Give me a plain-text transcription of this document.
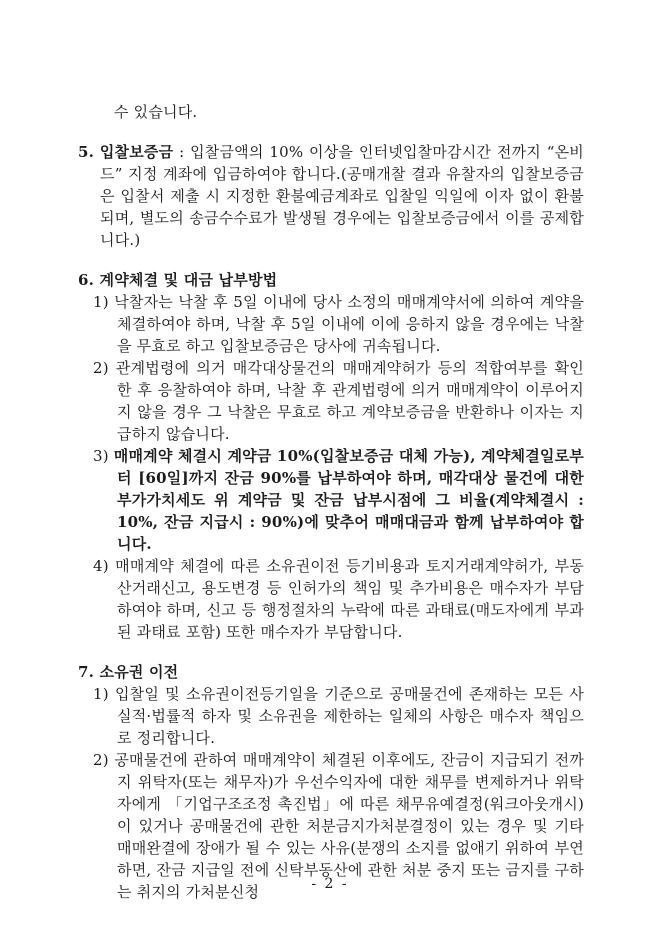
수 있습니다.

5. 입찰보증금 : 입찰금액의 10% 이상을 인터넷입찰마감시간 전까지 “온비드” 지정 계좌에 입금하여야 합니다.(공매개찰 결과 유찰자의 입찰보증금은 입찰서 제출 시 지정한 환불예금계좌로 입찰일 익일에 이자 없이 환불되며, 별도의 송금수수료가 발생될 경우에는 입찰보증금에서 이를 공제합니다.)

6. 계약체결 및 대금 납부방법

1) 낙찰자는 낙찰 후 5일 이내에 당사 소정의 매매계약서에 의하여 계약을 체결하여야 하며, 낙찰 후 5일 이내에 이에 응하지 않을 경우에는 낙찰을 무효로 하고 입찰보증금은 당사에 귀속됩니다.

2) 관계법령에 의거 매각대상물건의 매매계약허가 등의 적합여부를 확인한 후 응찰하여야 하며, 낙찰 후 관계법령에 의거 매매계약이 이루어지지 않을 경우 그 낙찰은 무효로 하고 계약보증금을 반환하나 이자는 지급하지 않습니다.

3) 매매계약 체결시 계약금 10%(입찰보증금 대체 가능), 계약체결일로부터 [60일]까지 잔금 90%를 납부하여야 하며, 매각대상 물건에 대한 부가가치세도 위 계약금 및 잔금 납부시점에 그 비율(계약체결시 : 10%, 잔금 지급시 : 90%)에 맞추어 매매대금과 함께 납부하여야 합니다.

4) 매매계약 체결에 따른 소유권이전 등기비용과 토지거래계약허가, 부동산거래신고, 용도변경 등 인허가의 책임 및 추가비용은 매수자가 부담하여야 하며, 신고 등 행정절차의 누락에 따른 과태료(매도자에게 부과된 과태료 포함) 또한 매수자가 부담합니다.

7. 소유권 이전

1) 입찰일 및 소유권이전등기일을 기준으로 공매물건에 존재하는 모든 사실적·법률적 하자 및 소유권을 제한하는 일체의 사항은 매수자 책임으로 정리합니다.

2) 공매물건에 관하여 매매계약이 체결된 이후에도, 잔금이 지급되기 전까지 위탁자(또는 채무자)가 우선수익자에 대한 채무를 변제하거나 위탁자에게 「기업구조조정 촉진법」에 따른 채무유예결정(워크아웃개시)이 있거나 공매물건에 관한 처분금지가처분결정이 있는 경우 및 기타 매매완결에 장애가 될 수 있는 사유(분쟁의 소지를 없애기 위하여 부연하면, 잔금 지급일 전에 신탁부동산에 관한 처분 중지 또는 금지를 구하는 취지의 가처분신청	- 2 -
